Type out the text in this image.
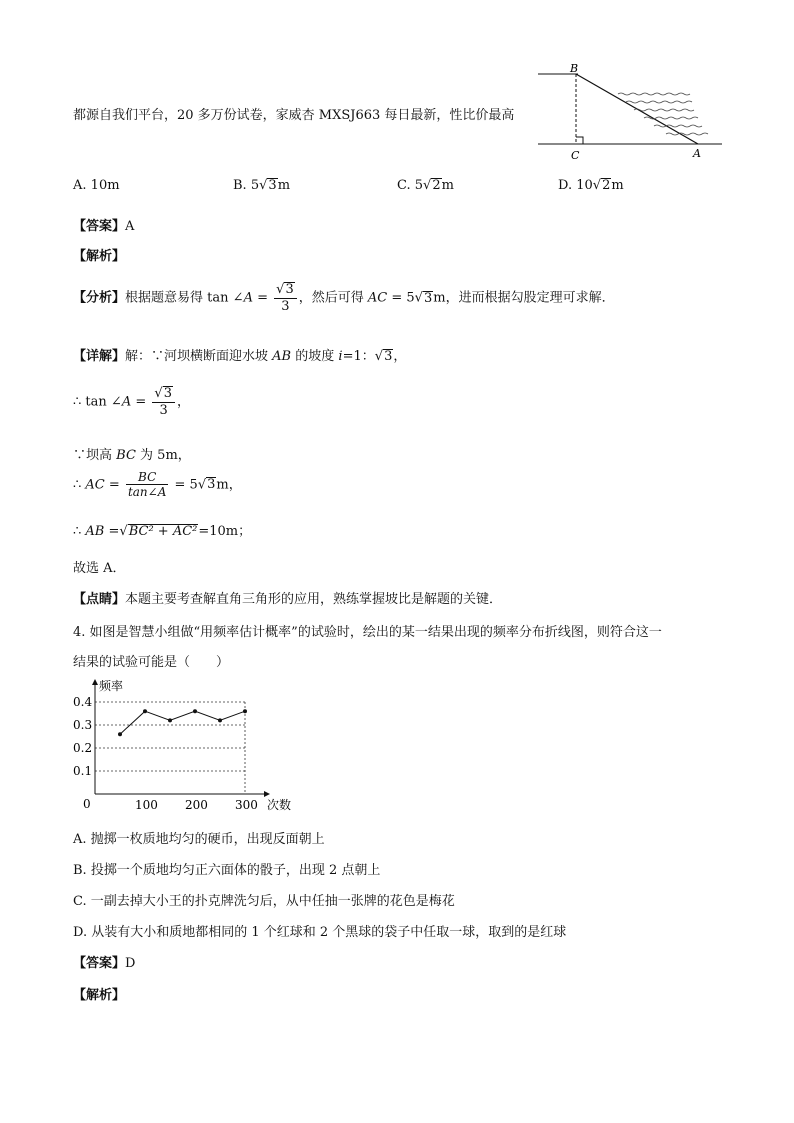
都源自我们平台，20 多万份试卷，家威杏 MXSJ663 每日最新，性比价最高
B
C	A
A. 10m	B. 5√3m	C. 5√2m	D. 10√2m
【答案】A
【解析】
【分析】根据题意易得 tan ∠A = $\frac{√3}{3}$ ，然后可得 AC = 5√3m，进而根据勾股定理可求解．
【详解】解：∵河坝横断面迎水坡 AB 的坡度 i=1：√3，
∴ tan ∠A = $\frac{√3}{3}$ ，
∵坝高 BC 为 5m，
∴ AC = $\frac{BC}{\tan\angle A} = 5√3m$，
∴ AB =√BC² + AC²=10m；
故选 A．
【点睛】本题主要考查解直角三角形的应用，熟练掌握坡比是解题的关键．
4. 如图是智慧小组做“用频率估计概率”的试验时，绘出的某一结果出现的频率分布折线图，则符合这一
结果的试验可能是（　　）
0.1
0.2
0.3
0.4
100 200 300
0
频率
次数
A. 抛掷一枚质地均匀的硬币，出现反面朝上
B. 投掷一个质地均匀正六面体的骰子，出现 2 点朝上
C. 一副去掉大小王的扑克牌洗匀后，从中任抽一张牌的花色是梅花
D. 从装有大小和质地都相同的 1 个红球和 2 个黑球的袋子中任取一球，取到的是红球
【答案】D
【解析】
